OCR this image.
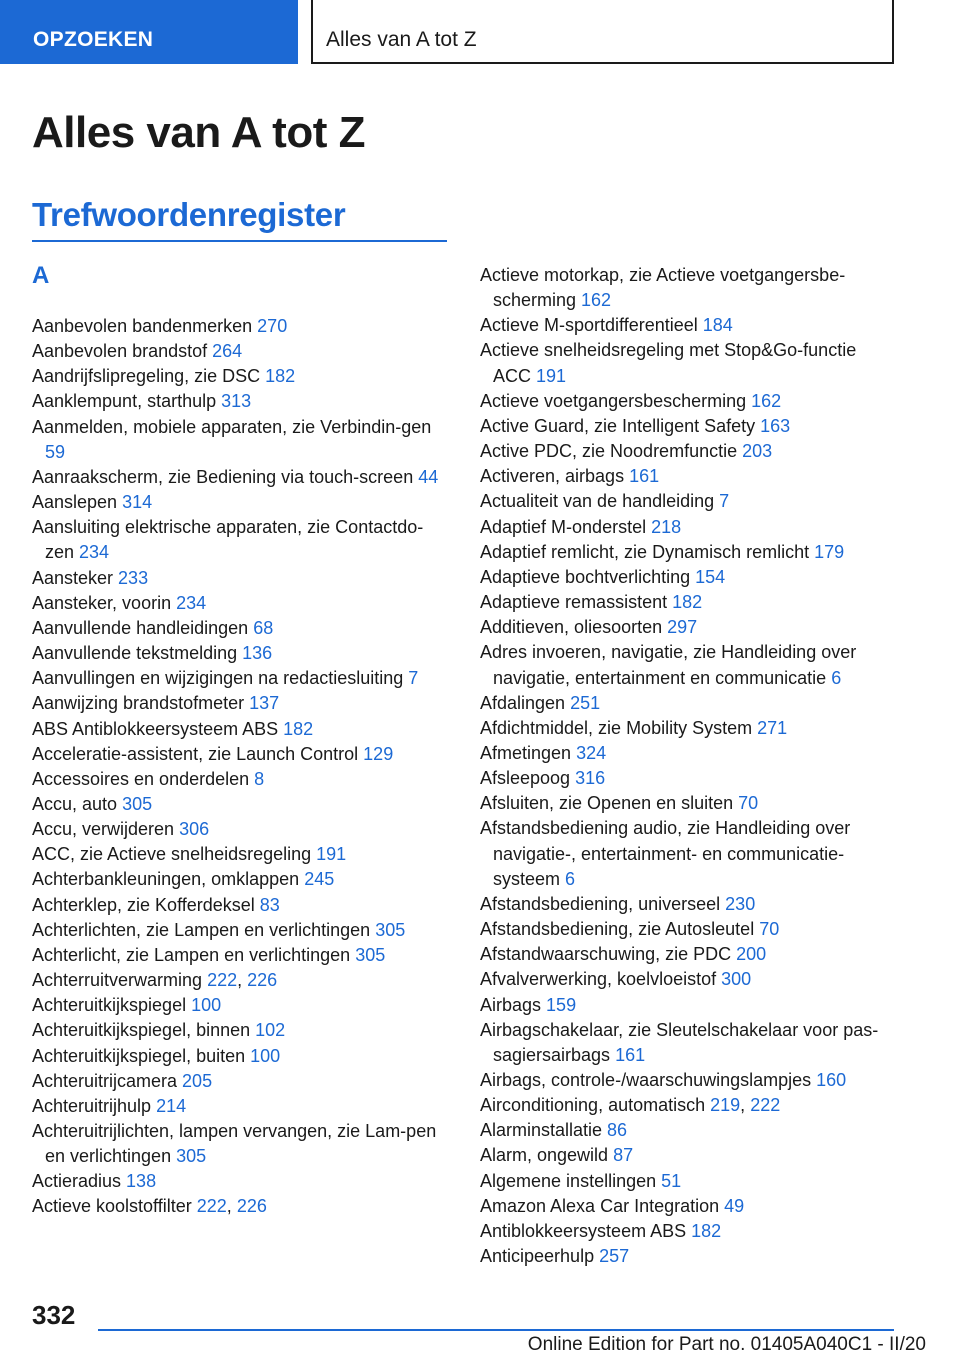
OPZOEKEN	Alles van A tot Z
Alles van A tot Z
Trefwoordenregister
A
Aanbevolen bandenmerken 270
Aanbevolen brandstof 264
Aandrijfslipregeling, zie DSC 182
Aanklempunt, starthulp 313
Aanmelden, mobiele apparaten, zie Verbindin-gen 59
Aanraakscherm, zie Bediening via touch-screen 44
Aanslepen 314
Aansluiting elektrische apparaten, zie Contactdo-zen 234
Aansteker 233
Aansteker, voorin 234
Aanvullende handleidingen 68
Aanvullende tekstmelding 136
Aanvullingen en wijzigingen na redactiesluiting 7
Aanwijzing brandstofmeter 137
ABS Antiblokkeersysteem ABS 182
Acceleratie-assistent, zie Launch Control 129
Accessoires en onderdelen 8
Accu, auto 305
Accu, verwijderen 306
ACC, zie Actieve snelheidsregeling 191
Achterbankleuningen, omklappen 245
Achterklep, zie Kofferdeksel 83
Achterlichten, zie Lampen en verlichtingen 305
Achterlicht, zie Lampen en verlichtingen 305
Achterruitverwarming 222, 226
Achteruitkijkspiegel 100
Achteruitkijkspiegel, binnen 102
Achteruitkijkspiegel, buiten 100
Achteruitrijcamera 205
Achteruitrijhulp 214
Achteruitrijlichten, lampen vervangen, zie Lam-pen en verlichtingen 305
Actieradius 138
Actieve koolstoffilter 222, 226
Actieve motorkap, zie Actieve voetgangersbe-scherming 162
Actieve M-sportdifferentieel 184
Actieve snelheidsregeling met Stop&Go-functie ACC 191
Actieve voetgangersbescherming 162
Active Guard, zie Intelligent Safety 163
Active PDC, zie Noodremfunctie 203
Activeren, airbags 161
Actualiteit van de handleiding 7
Adaptief M-onderstel 218
Adaptief remlicht, zie Dynamisch remlicht 179
Adaptieve bochtverlichting 154
Adaptieve remassistent 182
Additieven, oliesoorten 297
Adres invoeren, navigatie, zie Handleiding over navigatie, entertainment en communicatie 6
Afdalingen 251
Afdichtmiddel, zie Mobility System 271
Afmetingen 324
Afsleepoog 316
Afsluiten, zie Openen en sluiten 70
Afstandsbediening audio, zie Handleiding over navigatie-, entertainment- en communicatie-systeem 6
Afstandsbediening, universeel 230
Afstandsbediening, zie Autosleutel 70
Afstandwaarschuwing, zie PDC 200
Afvalverwerking, koelvloeistof 300
Airbags 159
Airbagschakelaar, zie Sleutelschakelaar voor pas-sagiersairbags 161
Airbags, controle-/waarschuwingslampjes 160
Airconditioning, automatisch 219, 222
Alarminstallatie 86
Alarm, ongewild 87
Algemene instellingen 51
Amazon Alexa Car Integration 49
Antiblokkeersysteem ABS 182
Anticipeerhulp 257
332
Online Edition for Part no. 01405A040C1 - II/20
